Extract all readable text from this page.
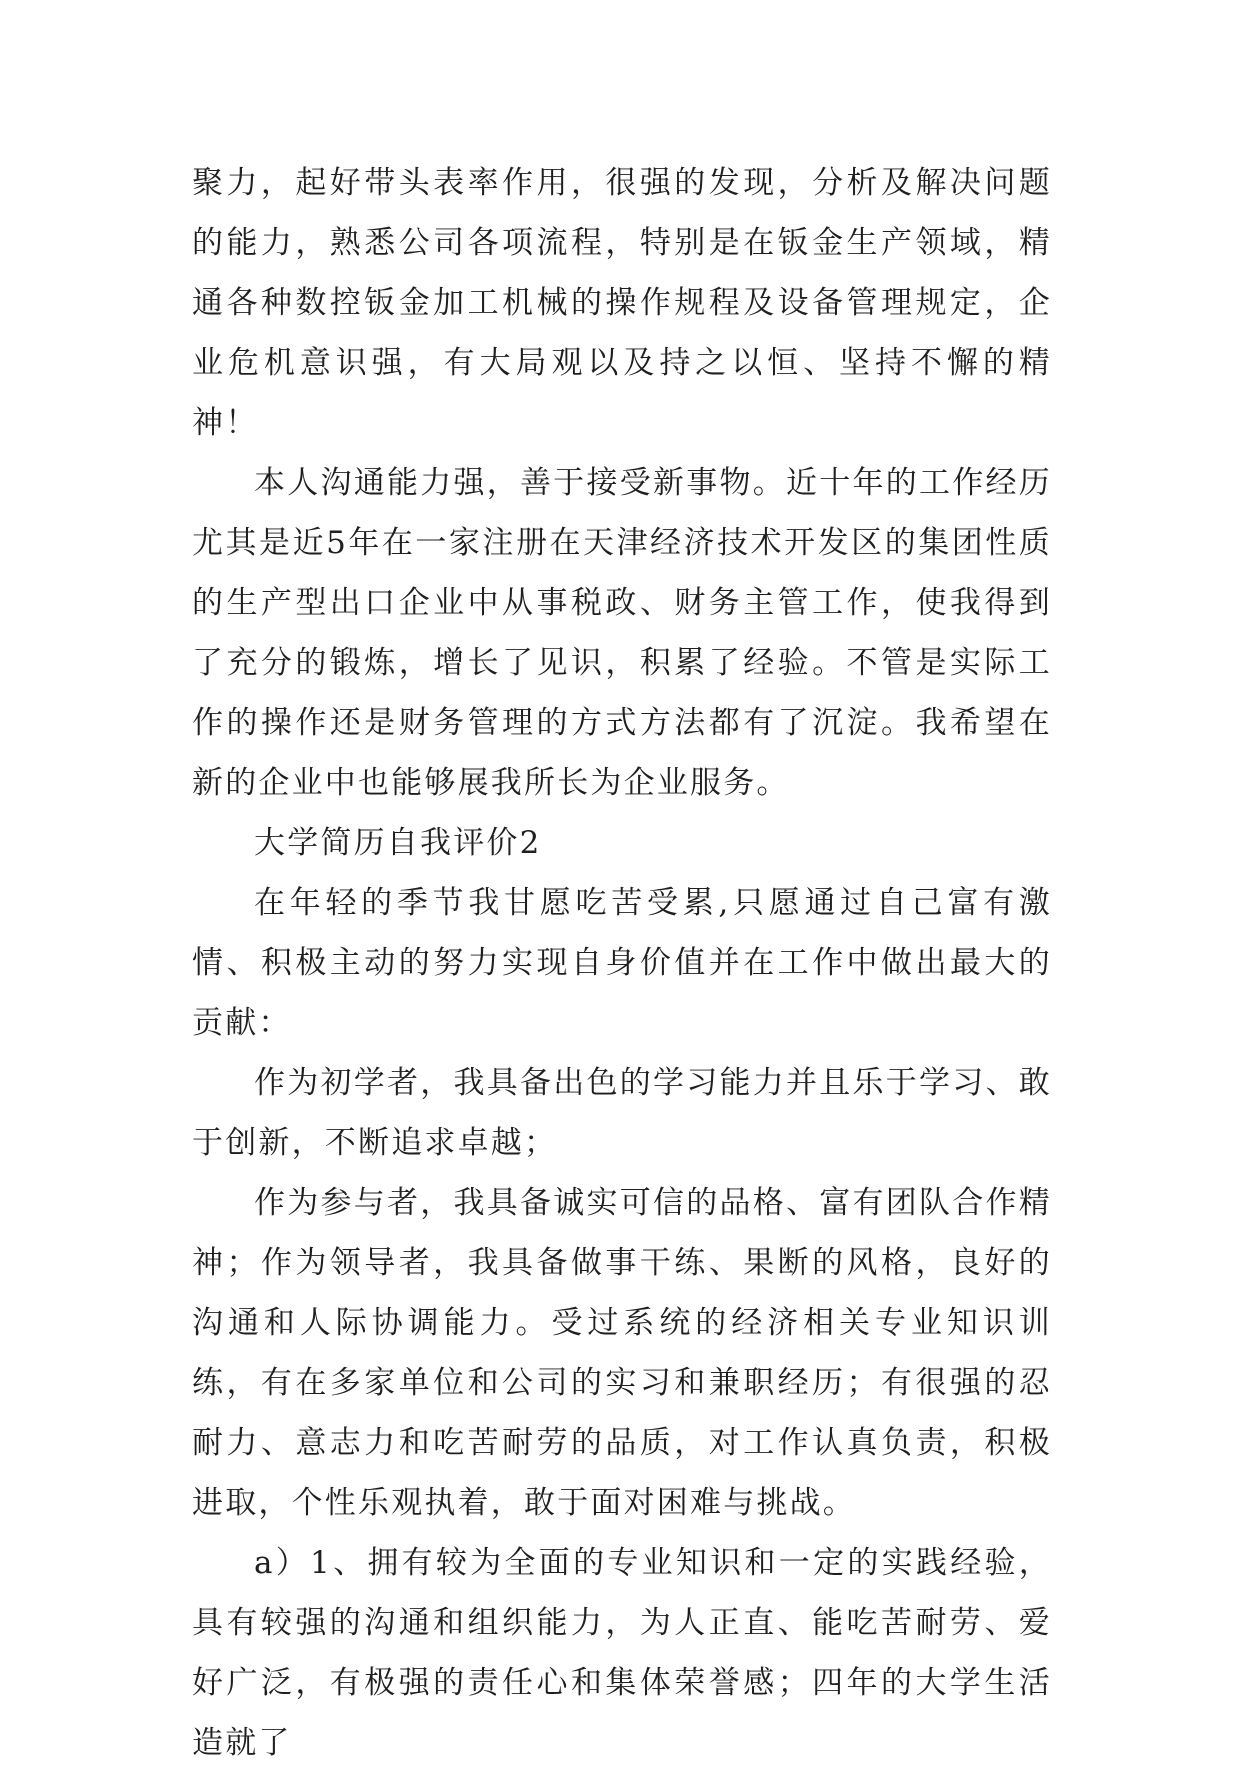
聚力，起好带头表率作用，很强的发现，分析及解决问题的能力，熟悉公司各项流程，特别是在钣金生产领域，精通各种数控钣金加工机械的操作规程及设备管理规定，企业危机意识强，有大局观以及持之以恒、坚持不懈的精神！

本人沟通能力强，善于接受新事物。近十年的工作经历尤其是近5年在一家注册在天津经济技术开发区的集团性质的生产型出口企业中从事税政、财务主管工作，使我得到了充分的锻炼，增长了见识，积累了经验。不管是实际工作的操作还是财务管理的方式方法都有了沉淀。我希望在新的企业中也能够展我所长为企业服务。

大学简历自我评价2

在年轻的季节我甘愿吃苦受累,只愿通过自己富有激情、积极主动的努力实现自身价值并在工作中做出最大的贡献：

作为初学者，我具备出色的学习能力并且乐于学习、敢于创新，不断追求卓越；

作为参与者，我具备诚实可信的品格、富有团队合作精神；作为领导者，我具备做事干练、果断的风格，良好的沟通和人际协调能力。受过系统的经济相关专业知识训练，有在多家单位和公司的实习和兼职经历；有很强的忍耐力、意志力和吃苦耐劳的品质，对工作认真负责，积极进取，个性乐观执着，敢于面对困难与挑战。

a）1、拥有较为全面的专业知识和一定的实践经验，具有较强的沟通和组织能力，为人正直、能吃苦耐劳、爱好广泛，有极强的责任心和集体荣誉感；四年的大学生活造就了
